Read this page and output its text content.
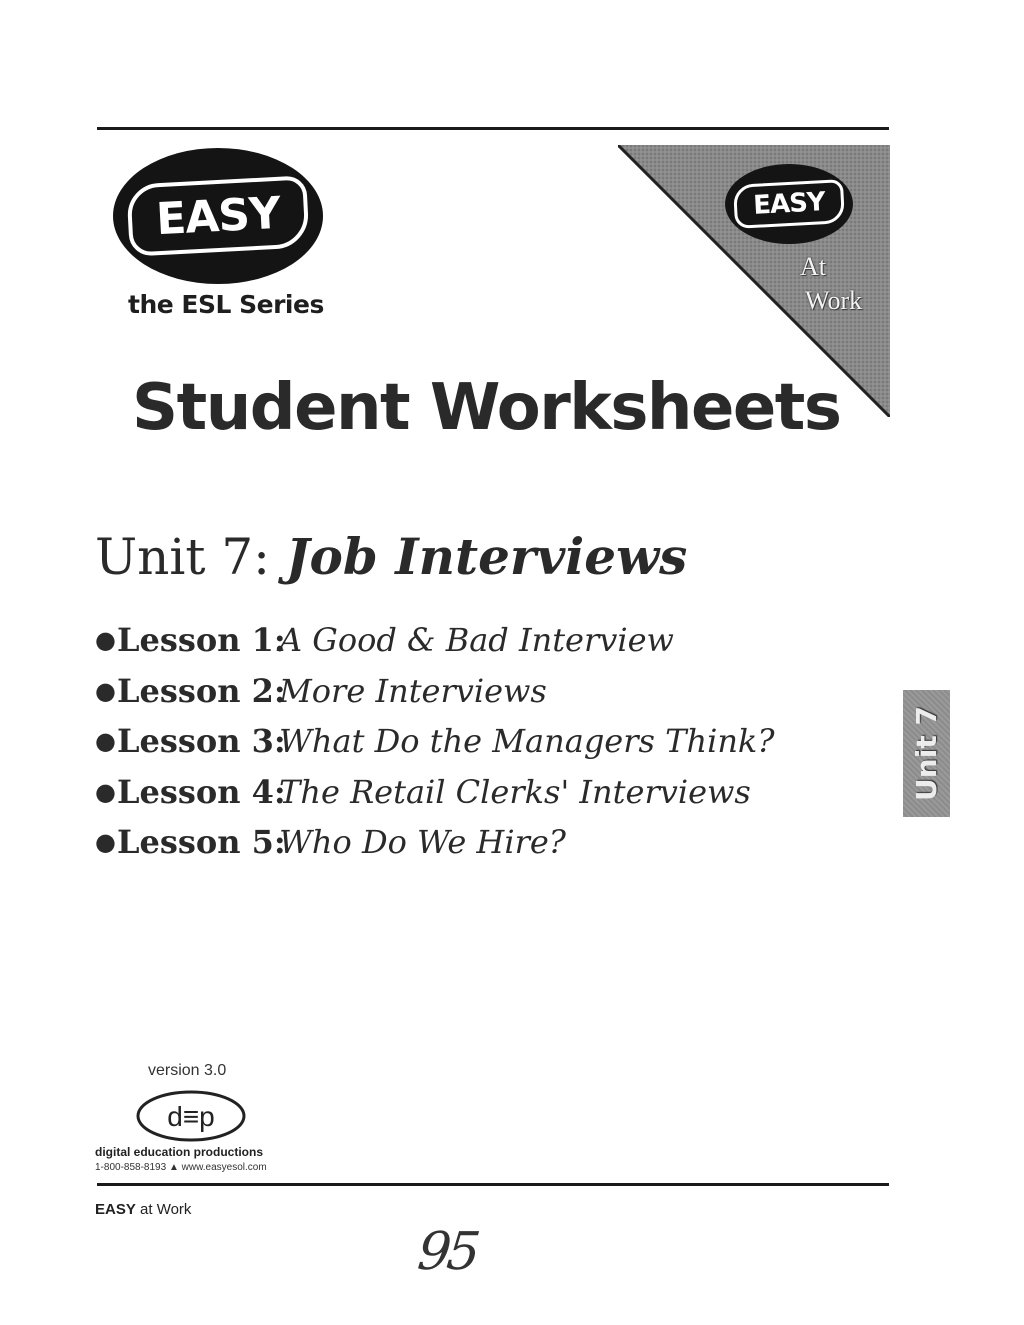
EASY
the ESL Series
EASY
At
Work
Student Worksheets
Unit 7: Job Interviews
● Lesson 1:
A Good & Bad Interview
● Lesson 2:
More Interviews
● Lesson 3:
What Do the Managers Think?
● Lesson 4:
The Retail Clerks' Interviews
● Lesson 5:
Who Do We Hire?
Unit 7
version 3.0
d≡p
digital education productions
1-800-858-8193 ▲ www.easyesol.com
EASY at Work
95
